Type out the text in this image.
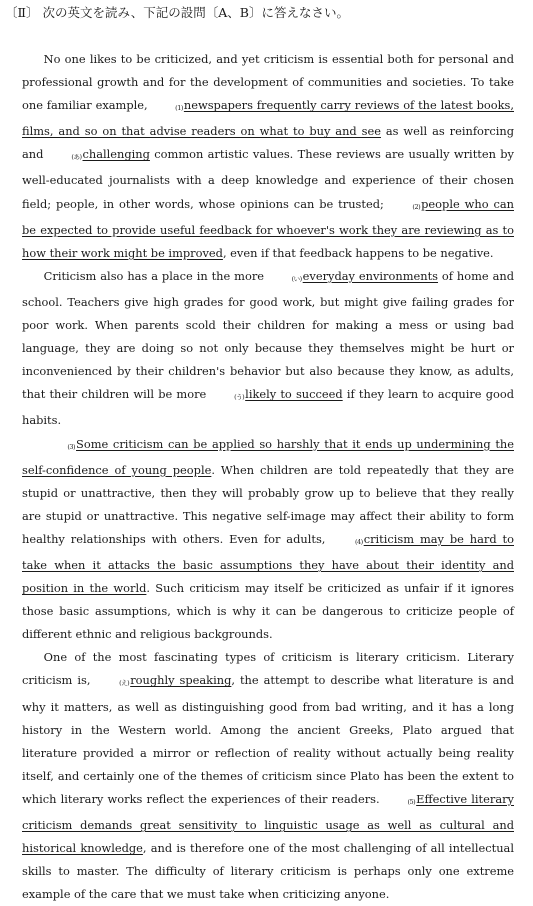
〔Ⅱ〕 次の英文を読み、下記の設問〔A、B〕に答えなさい。

No one likes to be criticized, and yet criticism is essential both for personal and professional growth and for the development of communities and societies. To take one familiar example,	(1)newspapers frequently carry reviews of the latest books, films, and so on that advise readers on what to buy and see as well as reinforcing and	(あ)challenging common artistic values. These reviews are usually written by well-educated journalists with a deep knowledge and experience of their chosen field; people, in other words, whose opinions can be trusted;	(2)people who can be expected to provide useful feedback for whoever's work they are reviewing as to how their work might be improved, even if that feedback happens to be negative.

Criticism also has a place in the more	(い)everyday environments of home and school. Teachers give high grades for good work, but might give failing grades for poor work. When parents scold their children for making a mess or using bad language, they are doing so not only because they themselves might be hurt or inconvenienced by their children's behavior but also because they know, as adults, that their children will be more	(う)likely to succeed if they learn to acquire good habits.

(3)Some criticism can be applied so harshly that it ends up undermining the self-confidence of young people. When children are told repeatedly that they are stupid or unattractive, then they will probably grow up to believe that they really are stupid or unattractive. This negative self-image may affect their ability to form healthy relationships with others. Even for adults,	(4)criticism may be hard to take when it attacks the basic assumptions they have about their identity and position in the world. Such criticism may itself be criticized as unfair if it ignores those basic assumptions, which is why it can be dangerous to criticize people of different ethnic and religious backgrounds.

One of the most fascinating types of criticism is literary criticism. Literary criticism is,	(え)roughly speaking, the attempt to describe what literature is and why it matters, as well as distinguishing good from bad writing, and it has a long history in the Western world. Among the ancient Greeks, Plato argued that literature provided a mirror or reflection of reality without actually being reality itself, and certainly one of the themes of criticism since Plato has been the extent to which literary works reflect the experiences of their readers.	(5)Effective literary criticism demands great sensitivity to linguistic usage as well as cultural and historical knowledge, and is therefore one of the most challenging of all intellectual skills to master. The difficulty of literary criticism is perhaps only one extreme example of the care that we must take when criticizing anyone.
